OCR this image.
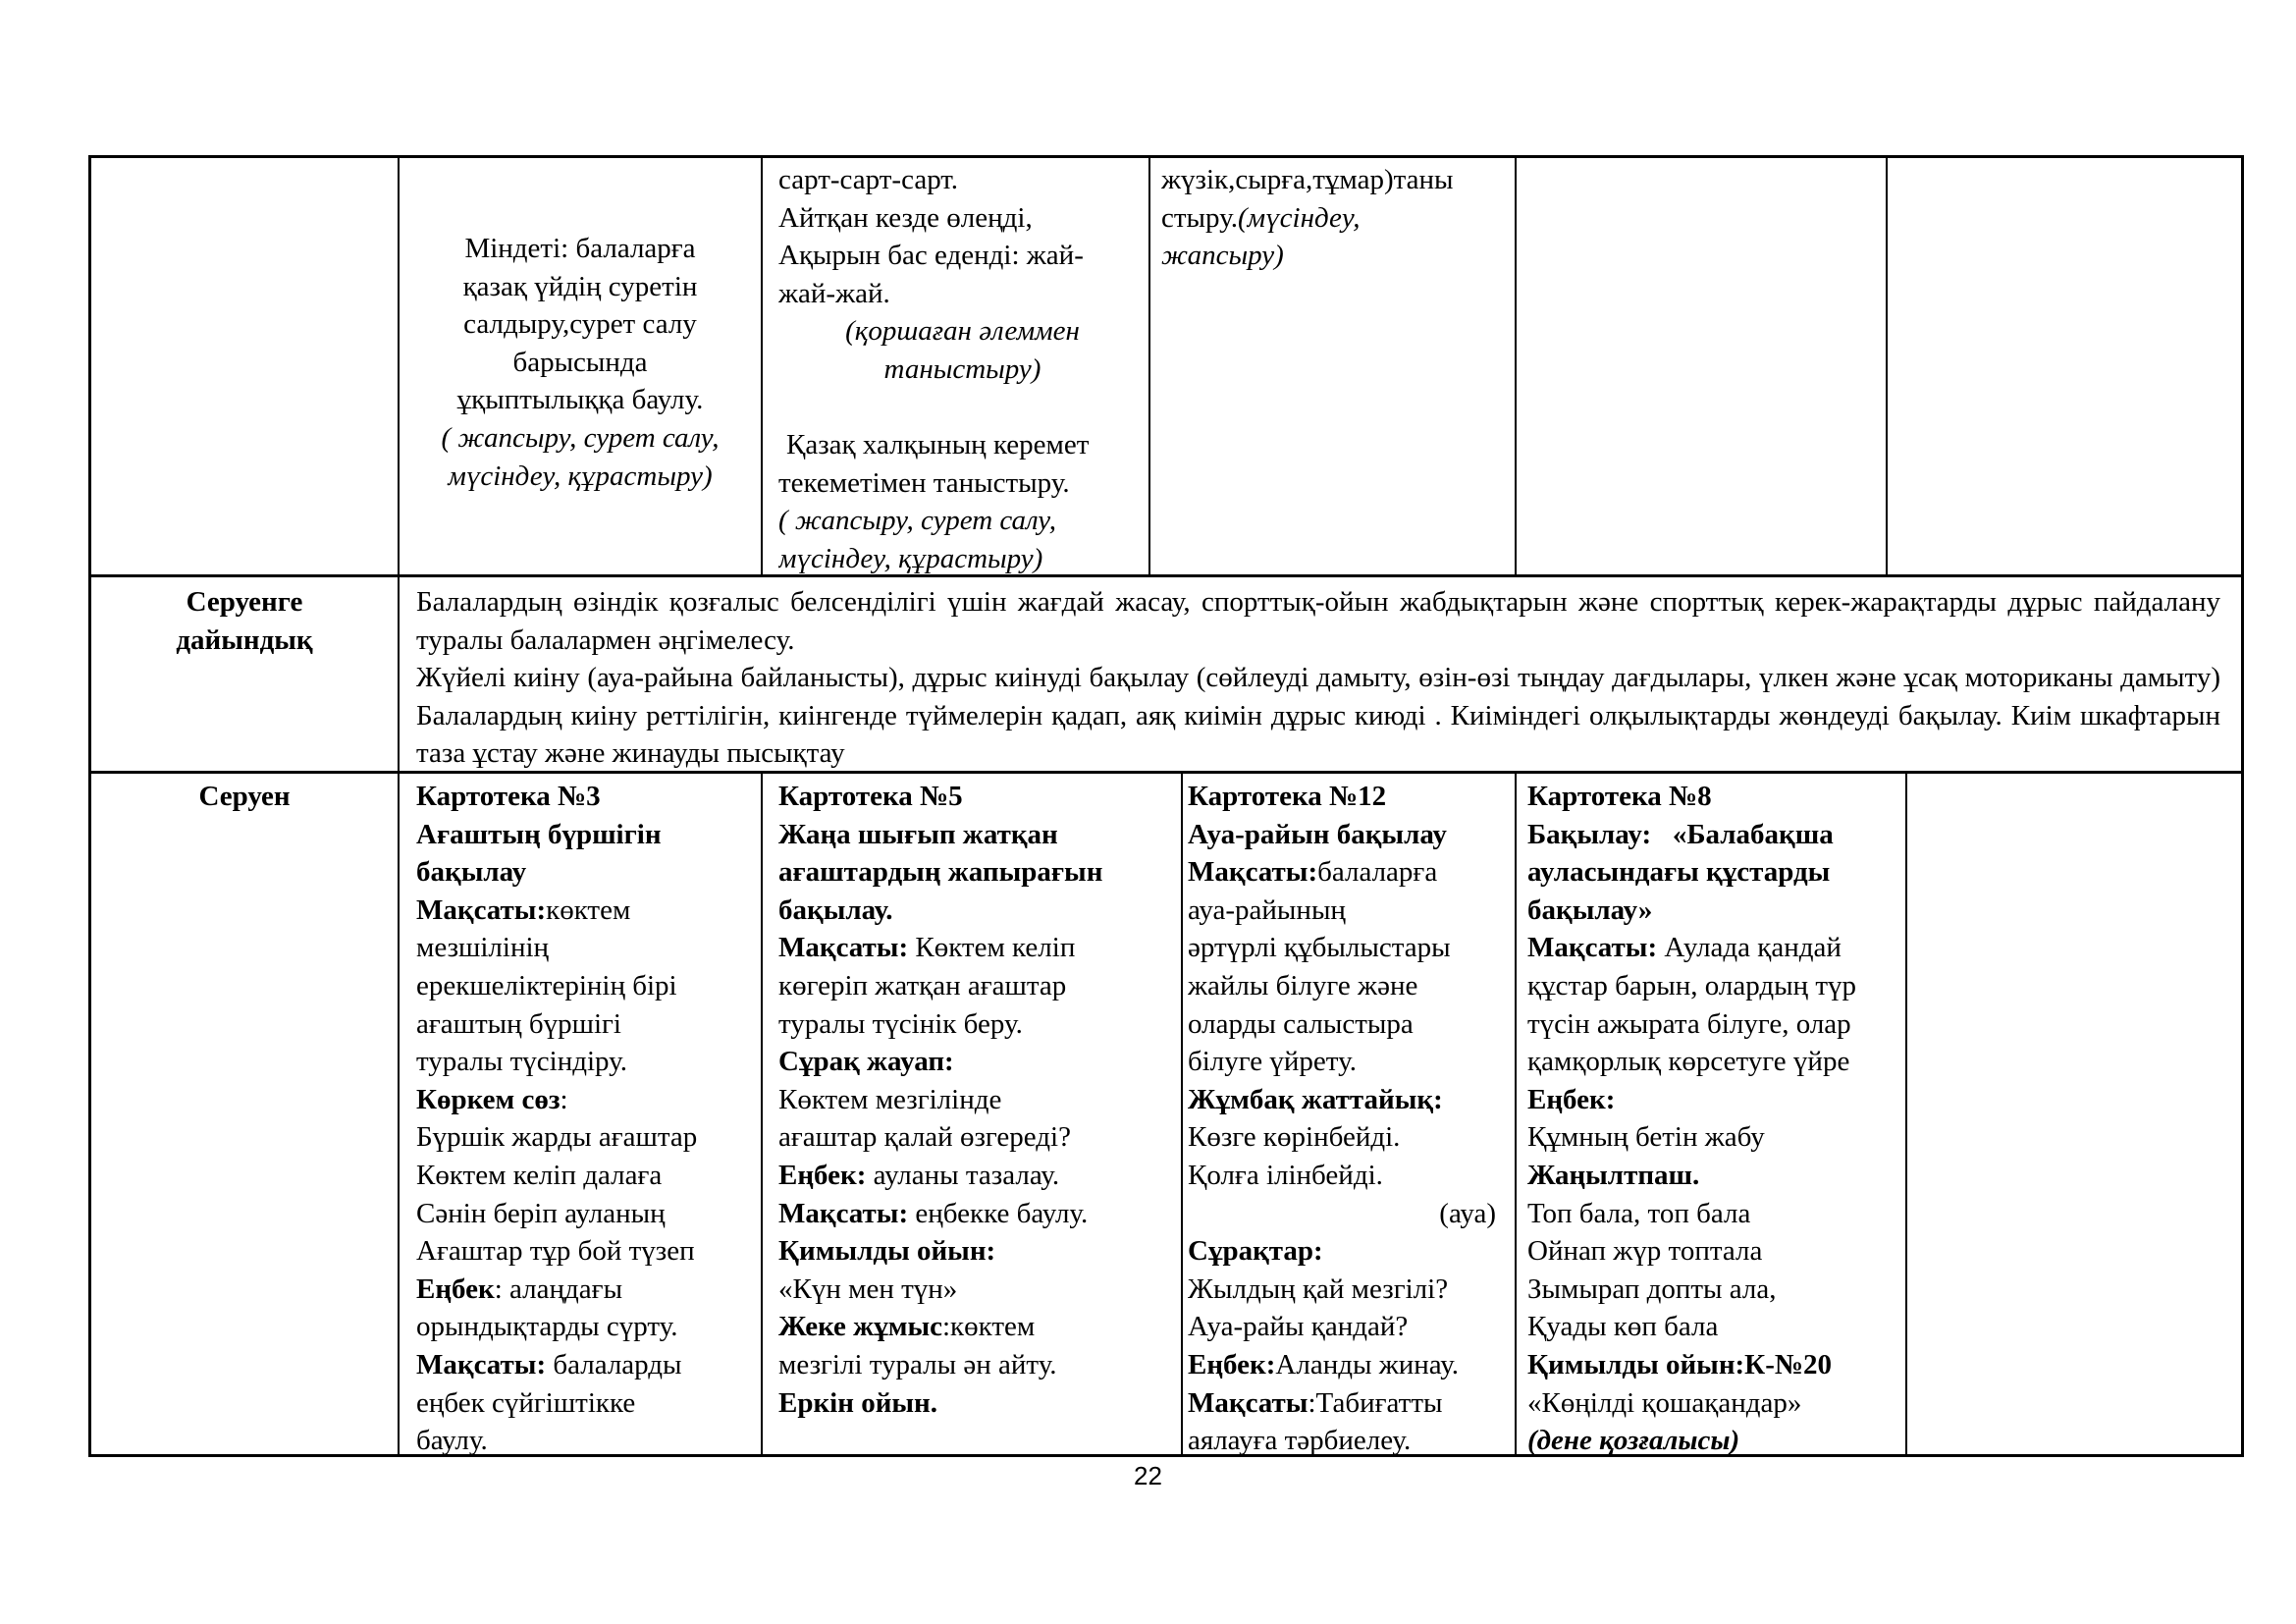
Міндеті: балаларға

қазақ үйдің суретін

салдыру,сурет салу

барысында

ұқыптылыққа баулу.

( жапсыру, сурет салу,

мүсіндеу, құрастыру)

сарт-сарт-сарт.

Айтқан кезде өлеңді,

Ақырын бас еденді: жай-

жай-жай.

(қоршаған әлеммен

таныстыру)

Қазақ халқының керемет

текеметімен таныстыру.

( жапсыру, сурет салу,

мүсіндеу, құрастыру)

жүзік,сырға,тұмар)таны

стыру.(мүсіндеу,

жапсыру)

Серуенге

дайындық

Балалардың өзіндік қозғалыс белсенділігі үшін жағдай жасау, спорттық-ойын жабдықтарын және спорттық керек-жарақтарды дұрыс пайдалану туралы балалармен әңгімелесу.

Жүйелі киіну (ауа-райына байланысты), дұрыс киінуді бақылау (сөйлеуді дамыту, өзін-өзі тыңдау дағдылары, үлкен және ұсақ моториканы дамыту) Балалардың киіну реттілігін, киінгенде түймелерін қадап, аяқ киімін дұрыс киюді . Киіміндегі олқылықтарды жөндеуді бақылау. Киім шкафтарын таза ұстау және жинауды пысықтау

Серуен	Картотека №3

Ағаштың бүршігін

бақылау

Мақсаты:көктем

мезшілінің

ерекшеліктерінің бірі

ағаштың бүршігі

туралы түсіндіру.

Көркем сөз:

Бүршік жарды ағаштар

Көктем келіп далаға

Сәнін беріп ауланың

Ағаштар тұр бой түзеп

Еңбек: алаңдағы

орындықтарды сүрту.

Мақсаты: балаларды

еңбек сүйгіштікке

баулу.

Картотека №5

Жаңа шығып жатқан

ағаштардың жапырағын

бақылау.

Мақсаты: Көктем келіп

көгеріп жатқан ағаштар

туралы түсінік беру.

Сұрақ жауап:

Көктем мезгілінде

ағаштар қалай өзгереді?

Еңбек: ауланы тазалау.

Мақсаты: еңбекке баулу.

Қимылды ойын:

«Күн мен түн»

Жеке жұмыс:көктем

мезгілі туралы ән айту.

Еркін ойын.

Картотека №12

Ауа-райын бақылау

Мақсаты:балаларға

ауа-райының

әртүрлі құбылыстары

жайлы білуге және

оларды салыстыра

білуге үйрету.

Жұмбақ жаттайық:

Көзге көрінбейді.

Қолға ілінбейді.

(ауа)

Сұрақтар:

Жылдың қай мезгілі?

Ауа-райы қандай?

Еңбек:Аланды жинау.

Мақсаты:Табиғатты

аялауға тәрбиелеу.

Картотека №8

Бақылау:   «Балабақша

ауласындағы құстарды

бақылау»

Мақсаты: Аулада қандай

құстар барын, олардың түр

түсін ажырата білуге, олар

қамқорлық көрсетуге үйре

Еңбек:

Құмның бетін жабу

Жаңылтпаш.

Топ бала, топ бала

Ойнап жүр топтала

Зымырап допты ала,

Қуады көп бала

Қимылды ойын:К-№20

«Көңілді қошақандар»

(дене қозғалысы)

22
